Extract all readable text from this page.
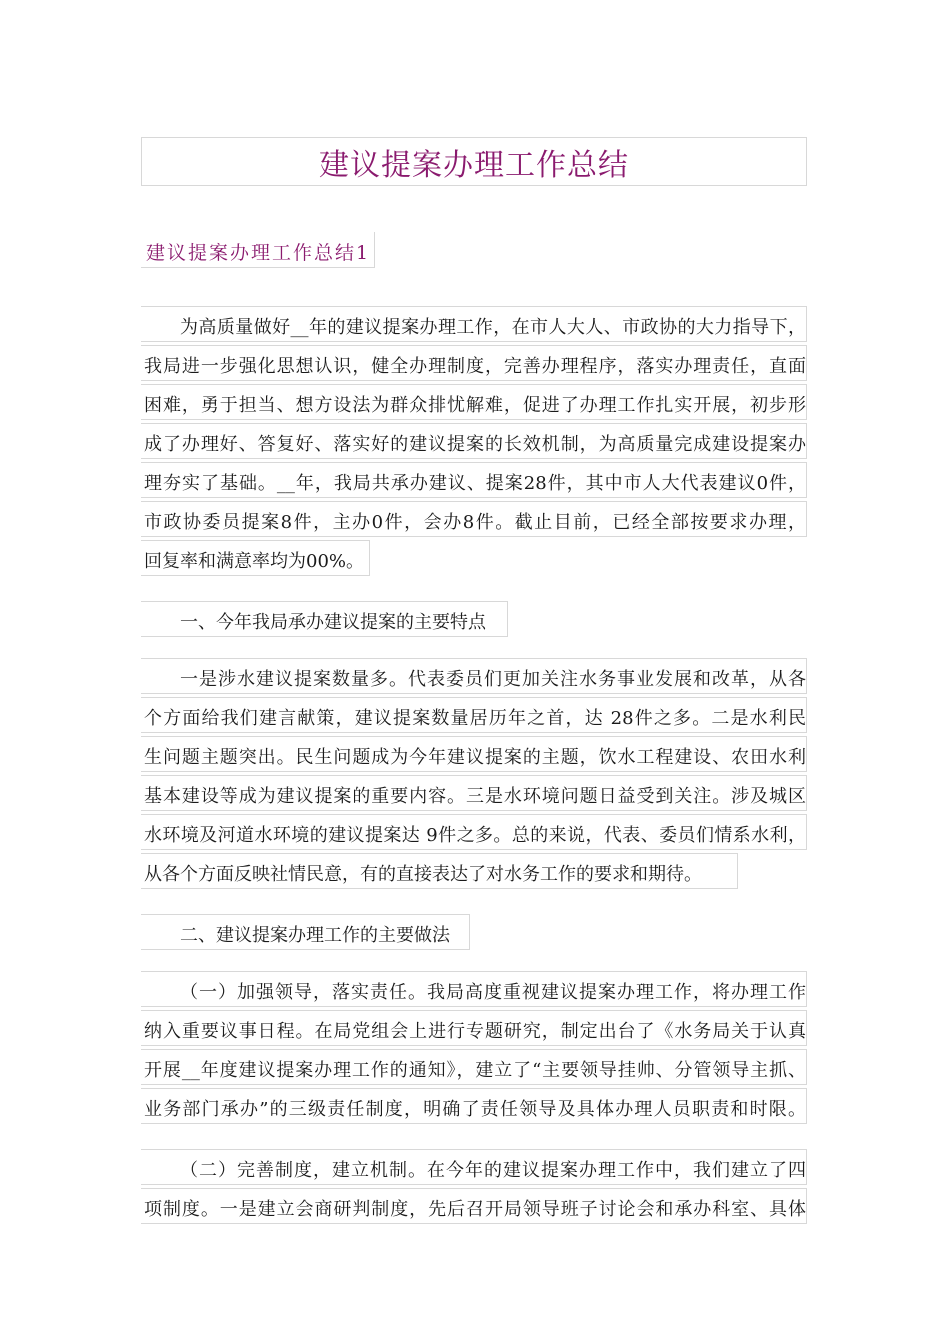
建议提案办理工作总结
建议提案办理工作总结1
为高质量做好__年的建议提案办理工作，在市人大人、市政协的大力指导下，
我局进一步强化思想认识，健全办理制度，完善办理程序，落实办理责任，直面
困难，勇于担当、想方设法为群众排忧解难，促进了办理工作扎实开展，初步形
成了办理好、答复好、落实好的建议提案的长效机制，为高质量完成建设提案办
理夯实了基础。__年，我局共承办建议、提案28件，其中市人大代表建议0件，
市政协委员提案8件，主办0件，会办8件。截止目前，已经全部按要求办理，
回复率和满意率均为00%。
一、今年我局承办建议提案的主要特点
一是涉水建议提案数量多。代表委员们更加关注水务事业发展和改革，从各
个方面给我们建言献策，建议提案数量居历年之首，达 28件之多。二是水利民
生问题主题突出。民生问题成为今年建议提案的主题，饮水工程建设、农田水利
基本建设等成为建议提案的重要内容。三是水环境问题日益受到关注。涉及城区
水环境及河道水环境的建议提案达 9件之多。总的来说，代表、委员们情系水利，
从各个方面反映社情民意，有的直接表达了对水务工作的要求和期待。
二、建议提案办理工作的主要做法
（一）加强领导，落实责任。我局高度重视建议提案办理工作，将办理工作
纳入重要议事日程。在局党组会上进行专题研究，制定出台了《水务局关于认真
开展__年度建议提案办理工作的通知》，建立了“主要领导挂帅、分管领导主抓、
业务部门承办”的三级责任制度，明确了责任领导及具体办理人员职责和时限。
（二）完善制度，建立机制。在今年的建议提案办理工作中，我们建立了四
项制度。一是建立会商研判制度，先后召开局领导班子讨论会和承办科室、具体
